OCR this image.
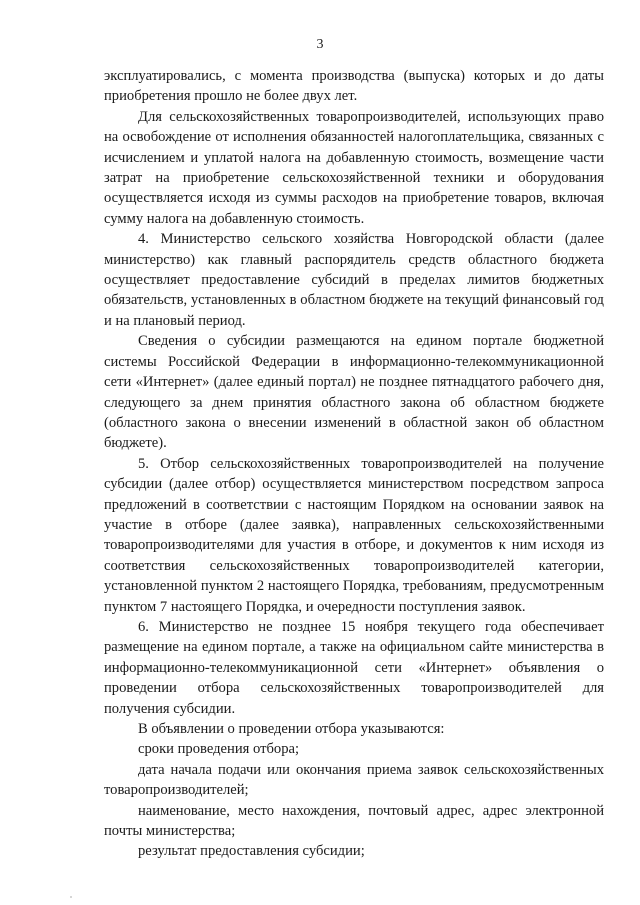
3

эксплуатировались, с момента производства (выпуска) которых и до даты приобретения прошло не более двух лет.

Для сельскохозяйственных товаропроизводителей, использующих право на освобождение от исполнения обязанностей налогоплательщика, связанных с исчислением и уплатой налога на добавленную стоимость, возмещение части затрат на приобретение сельскохозяйственной техники и оборудования осуществляется исходя из суммы расходов на приобретение товаров, включая сумму налога на добавленную стоимость.

4. Министерство сельского хозяйства Новгородской области (далее министерство) как главный распорядитель средств областного бюджета осуществляет предоставление субсидий в пределах лимитов бюджетных обязательств, установленных в областном бюджете на текущий финансовый год и на плановый период.

Сведения о субсидии размещаются на едином портале бюджетной системы Российской Федерации в информационно-телекоммуникационной сети «Интернет» (далее единый портал) не позднее пятнадцатого рабочего дня, следующего за днем принятия областного закона об областном бюджете (областного закона о внесении изменений в областной закон об областном бюджете).

5. Отбор сельскохозяйственных товаропроизводителей на получение субсидии (далее отбор) осуществляется министерством посредством запроса предложений в соответствии с настоящим Порядком на основании заявок на участие в отборе (далее заявка), направленных сельскохозяйственными товаропроизводителями для участия в отборе, и документов к ним исходя из соответствия сельскохозяйственных товаропроизводителей категории, установленной пунктом 2 настоящего Порядка, требованиям, предусмотренным пунктом 7 настоящего Порядка, и очередности поступления заявок.

6. Министерство не позднее 15 ноября текущего года обеспечивает размещение на едином портале, а также на официальном сайте министерства в информационно-телекоммуникационной сети «Интернет» объявления о проведении отбора сельскохозяйственных товаропроизводителей для получения субсидии.

В объявлении о проведении отбора указываются:

сроки проведения отбора;

дата начала подачи или окончания приема заявок сельскохозяйственных товаропроизводителей;

наименование, место нахождения, почтовый адрес, адрес электронной почты министерства;

результат предоставления субсидии;
